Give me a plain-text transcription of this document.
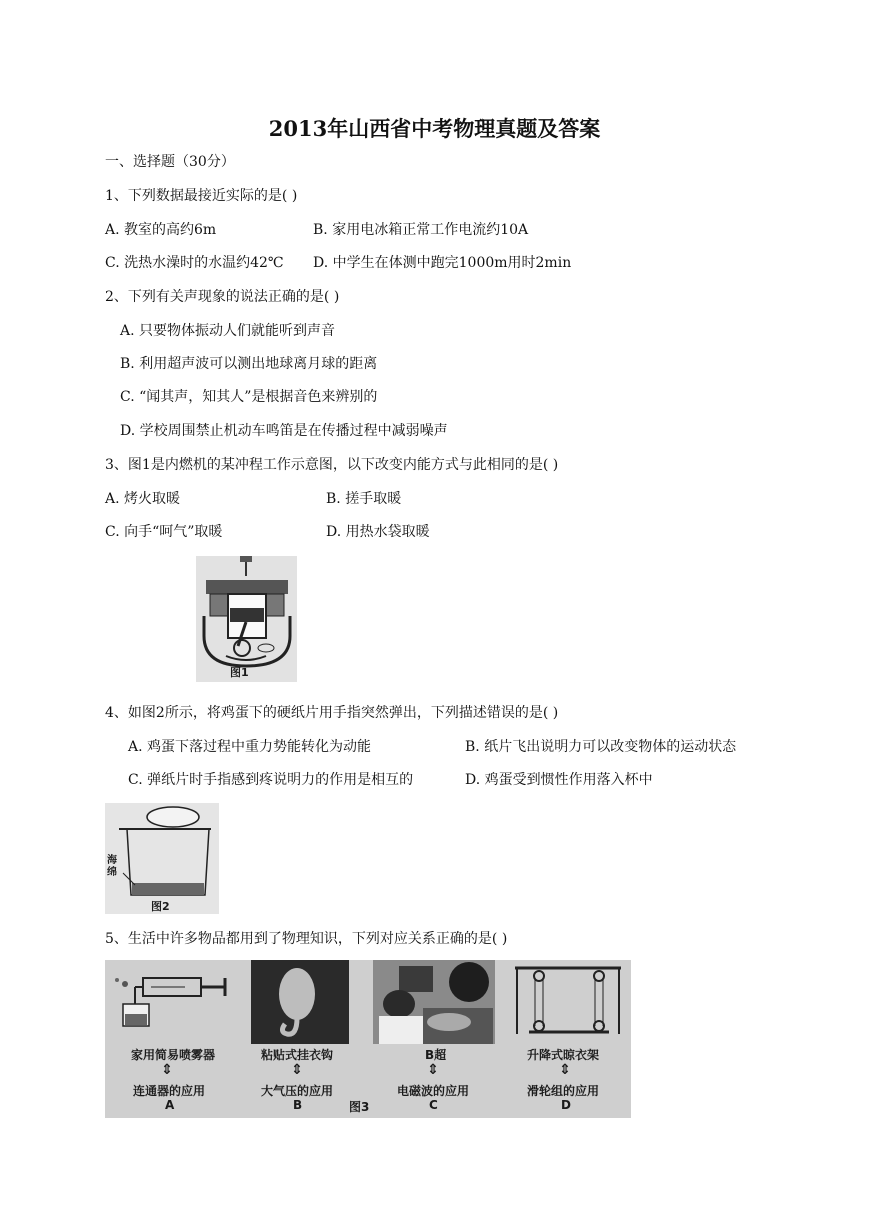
2013年山西省中考物理真题及答案
一、选择题（30分）
1、下列数据最接近实际的是( )
A. 教室的高约6m	B. 家用电冰箱正常工作电流约10A
C. 洗热水澡时的水温约42℃ D. 中学生在体测中跑完1000m用时2min
2、下列有关声现象的说法正确的是( )
A. 只要物体振动人们就能听到声音
B. 利用超声波可以测出地球离月球的距离
C. “闻其声，知其人”是根据音色来辨别的
D. 学校周围禁止机动车鸣笛是在传播过程中减弱噪声
3、图1是内燃机的某冲程工作示意图，以下改变内能方式与此相同的是( )
A. 烤火取暖	B. 搓手取暖
C. 向手“呵气”取暖	D. 用热水袋取暖
图1
4、如图2所示，将鸡蛋下的硬纸片用手指突然弹出，下列描述错误的是( )
A. 鸡蛋下落过程中重力势能转化为动能	B. 纸片飞出说明力可以改变物体的运动状态
C. 弹纸片时手指感到疼说明力的作用是相互的	D. 鸡蛋受到惯性作用落入杯中
海绵
图2
5、生活中许多物品都用到了物理知识，下列对应关系正确的是( )
家用简易喷雾器
⇕
连通器的应用
A
粘贴式挂衣钩
⇕
大气压的应用
B	图3
B超
⇕
电磁波的应用
C
升降式晾衣架
⇕
滑轮组的应用
D
